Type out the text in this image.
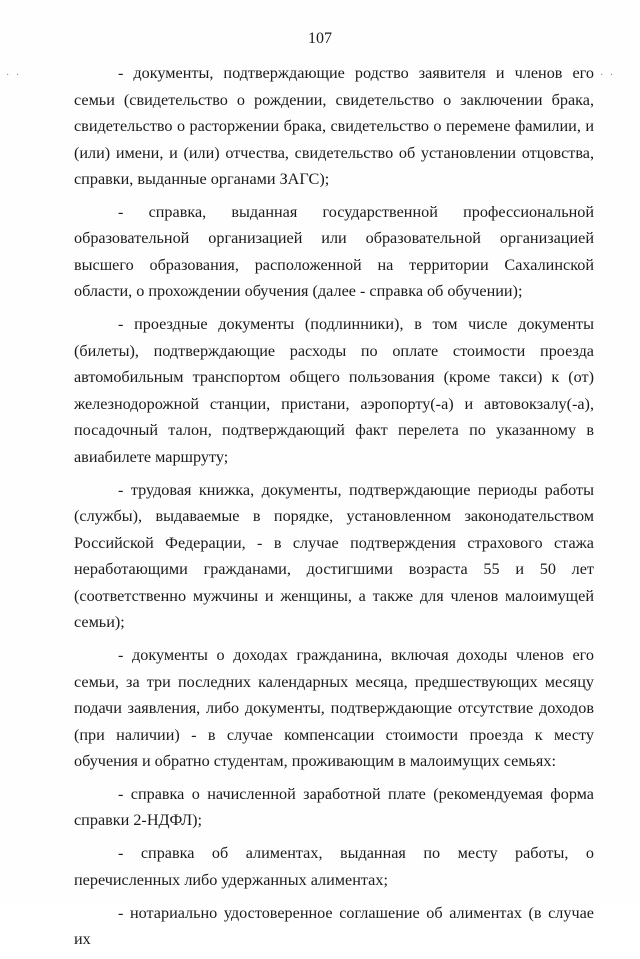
· ·	· ·
107

- документы, подтверждающие родство заявителя и членов его семьи (свидетельство о рождении, свидетельство о заключении брака, свидетельство о расторжении брака, свидетельство о перемене фамилии, и (или) имени, и (или) отчества, свидетельство об установлении отцовства, справки, выданные органами ЗАГС);

- справка, выданная государственной профессиональной образовательной организацией или образовательной организацией высшего образования, расположенной на территории Сахалинской области, о прохождении обучения (далее - справка об обучении);

- проездные документы (подлинники), в том числе документы (билеты), подтверждающие расходы по оплате стоимости проезда автомобильным транспортом общего пользования (кроме такси) к (от) железнодорожной станции, пристани, аэропорту(-а) и автовокзалу(-а), посадочный талон, подтверждающий факт перелета по указанному в авиабилете маршруту;

- трудовая книжка, документы, подтверждающие периоды работы (службы), выдаваемые в порядке, установленном законодательством Российской Федерации, - в случае подтверждения страхового стажа неработающими гражданами, достигшими возраста 55 и 50 лет (соответственно мужчины и женщины, а также для членов малоимущей семьи);

- документы о доходах гражданина, включая доходы членов его семьи, за три последних календарных месяца, предшествующих месяцу подачи заявления, либо документы, подтверждающие отсутствие доходов (при наличии) - в случае компенсации стоимости проезда к месту обучения и обратно студентам, проживающим в малоимущих семьях:

- справка о начисленной заработной плате (рекомендуемая форма справки 2-НДФЛ);

- справка об алиментах, выданная по месту работы, о перечисленных либо удержанных алиментах;

- нотариально удостоверенное соглашение об алиментах (в случае их
